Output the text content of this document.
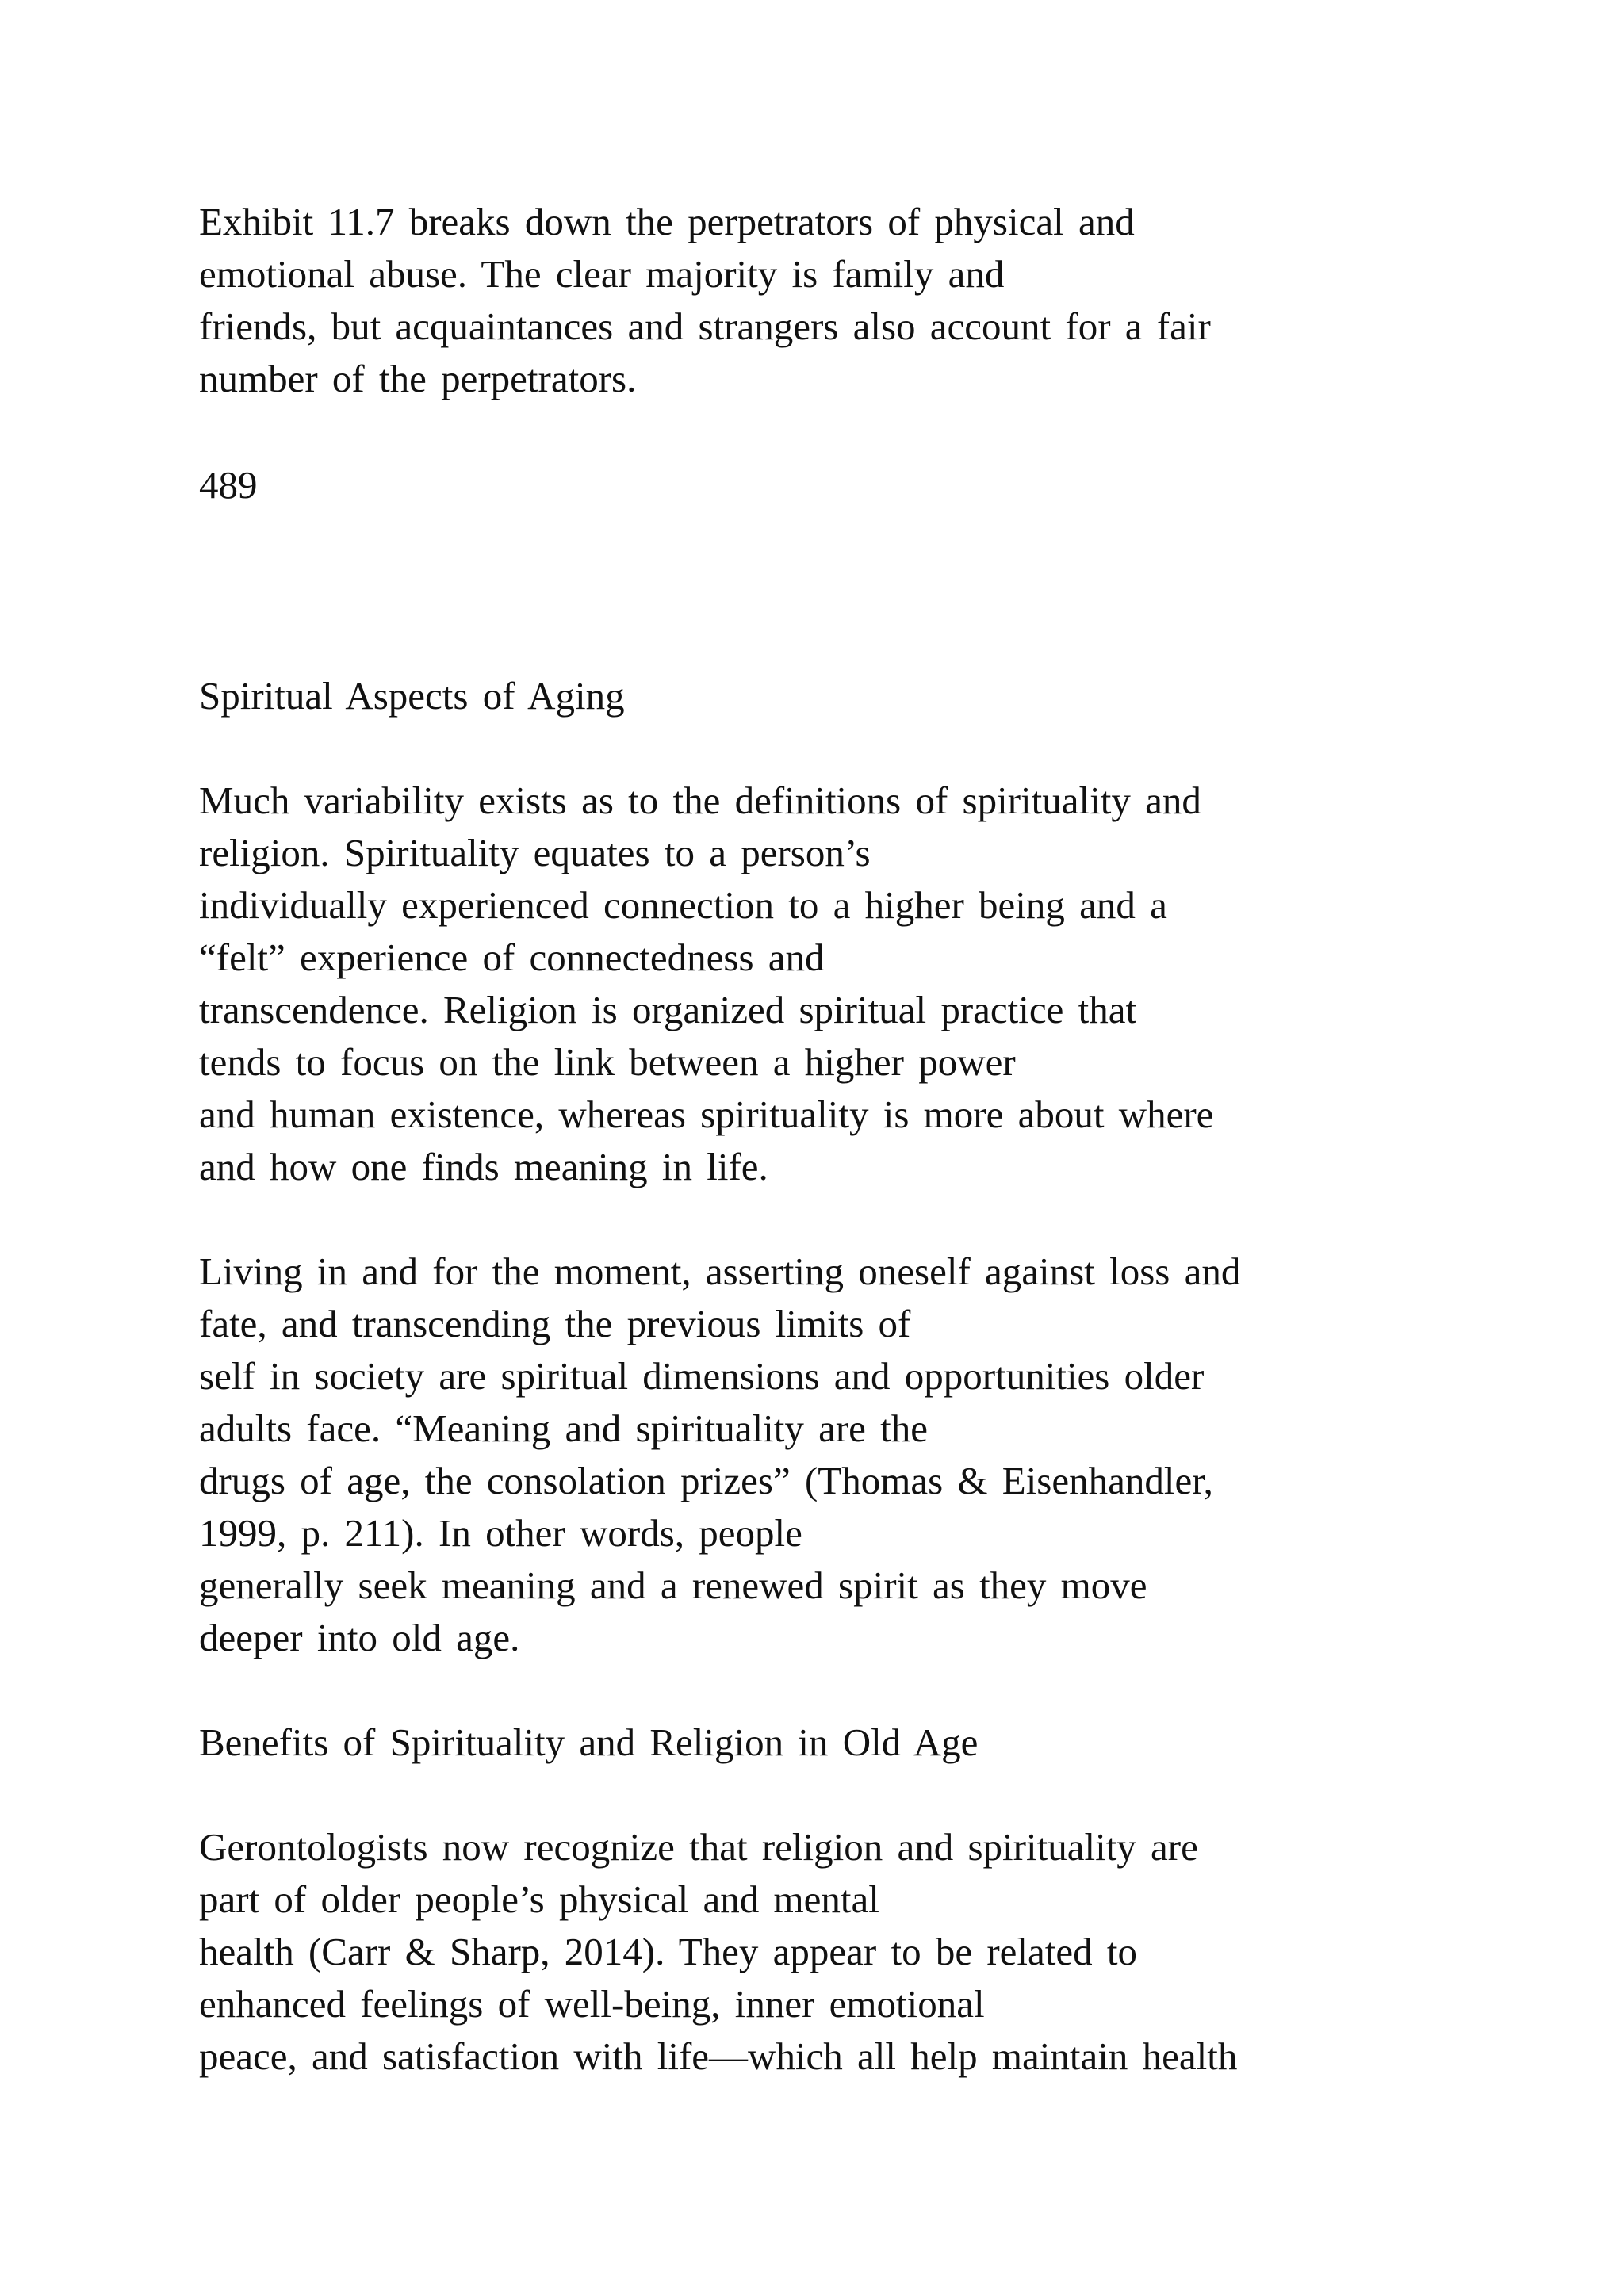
Exhibit 11.7 breaks down the perpetrators of physical and
emotional abuse. The clear majority is family and
friends, but acquaintances and strangers also account for a fair
number of the perpetrators.
489
Spiritual Aspects of Aging
Much variability exists as to the definitions of spirituality and
religion. Spirituality equates to a person’s
individually experienced connection to a higher being and a
“felt” experience of connectedness and
transcendence. Religion is organized spiritual practice that
tends to focus on the link between a higher power
and human existence, whereas spirituality is more about where
and how one finds meaning in life.
Living in and for the moment, asserting oneself against loss and
fate, and transcending the previous limits of
self in society are spiritual dimensions and opportunities older
adults face. “Meaning and spirituality are the
drugs of age, the consolation prizes” (Thomas & Eisenhandler,
1999, p. 211). In other words, people
generally seek meaning and a renewed spirit as they move
deeper into old age.
Benefits of Spirituality and Religion in Old Age
Gerontologists now recognize that religion and spirituality are
part of older people’s physical and mental
health (Carr & Sharp, 2014). They appear to be related to
enhanced feelings of well-being, inner emotional
peace, and satisfaction with life—which all help maintain health
